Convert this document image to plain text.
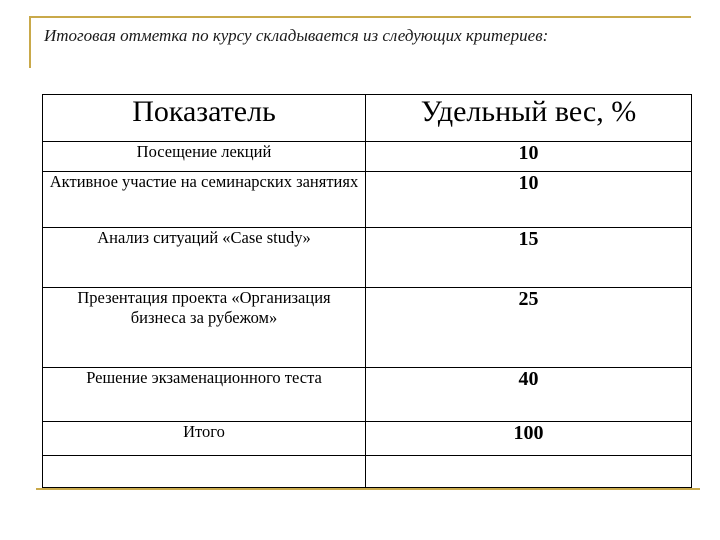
Итоговая отметка по курсу складывается из следующих критериев:
Показатель	Удельный вес, %
Посещение лекций	10
Активное участие на семинарских занятиях	10
Анализ ситуаций «Case study»	15
Презентация проекта «Организация бизнеса за рубежом»	25
Решение экзаменационного теста	40
Итого	100
